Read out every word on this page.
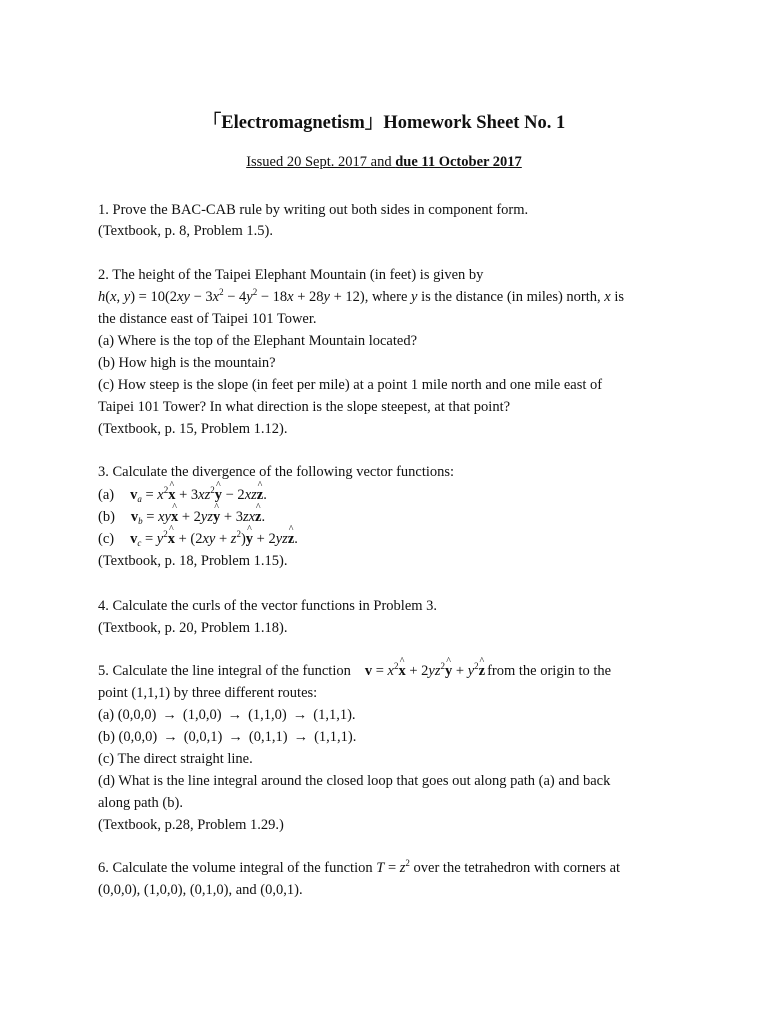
「Electromagnetism」Homework Sheet No. 1
Issued 20 Sept. 2017 and due 11 October 2017
1. Prove the BAC-CAB rule by writing out both sides in component form.
(Textbook, p. 8, Problem 1.5).
2. The height of the Taipei Elephant Mountain (in feet) is given by
h(x, $y) = 10(2xy - 3x^2 - 4y^2 - 18x + 28y + 12)$, where y is the distance (in miles) north, x is
the distance east of Taipei 101 Tower.
(a) Where is the top of the Elephant Mountain located?
(b) How high is the mountain?
(c) How steep is the slope (in feet per mile) at a point 1 mile north and one mile east of
Taipei 101 Tower? In what direction is the slope steepest, at that point?
(Textbook, p. 15, Problem 1.12).
3. Calculate the divergence of the following vector functions:
(a) $v_a$ = $x^2\^{}$ $x + 3xz^2\^{}$ y − 2xz^ z.
(b) $v_b$ = xy^ x + 2yz^ y + 3zx^ z.
(c) $v_c$ = $y^2\^{}$ $x + (2xy + z^2)\^{}$ y + 2yz^ z.
(Textbook, p. 18, Problem 1.15).
4. Calculate the curls of the vector functions in Problem 3.
(Textbook, p. 20, Problem 1.18).
5. Calculate the line integral of the function $v = x^2\^{}$ $x + 2yz^2\^{}$ $y + y^2\^{}$ z from the origin to the
point (1,1,1) by three different routes:
(a) (0,0,0) → (1,0,0) → (1,1,0) → (1,1,1).
(b) (0,0,0) → (0,0,1) → (0,1,1) → (1,1,1).
(c) The direct straight line.
(d) What is the line integral around the closed loop that goes out along path (a) and back
along path (b).
(Textbook, p.28, Problem 1.29.)
6. Calculate the volume integral of the function $T = z^2$ over the tetrahedron with corners at
(0,0,0), (1,0,0), (0,1,0), and (0,0,1).
